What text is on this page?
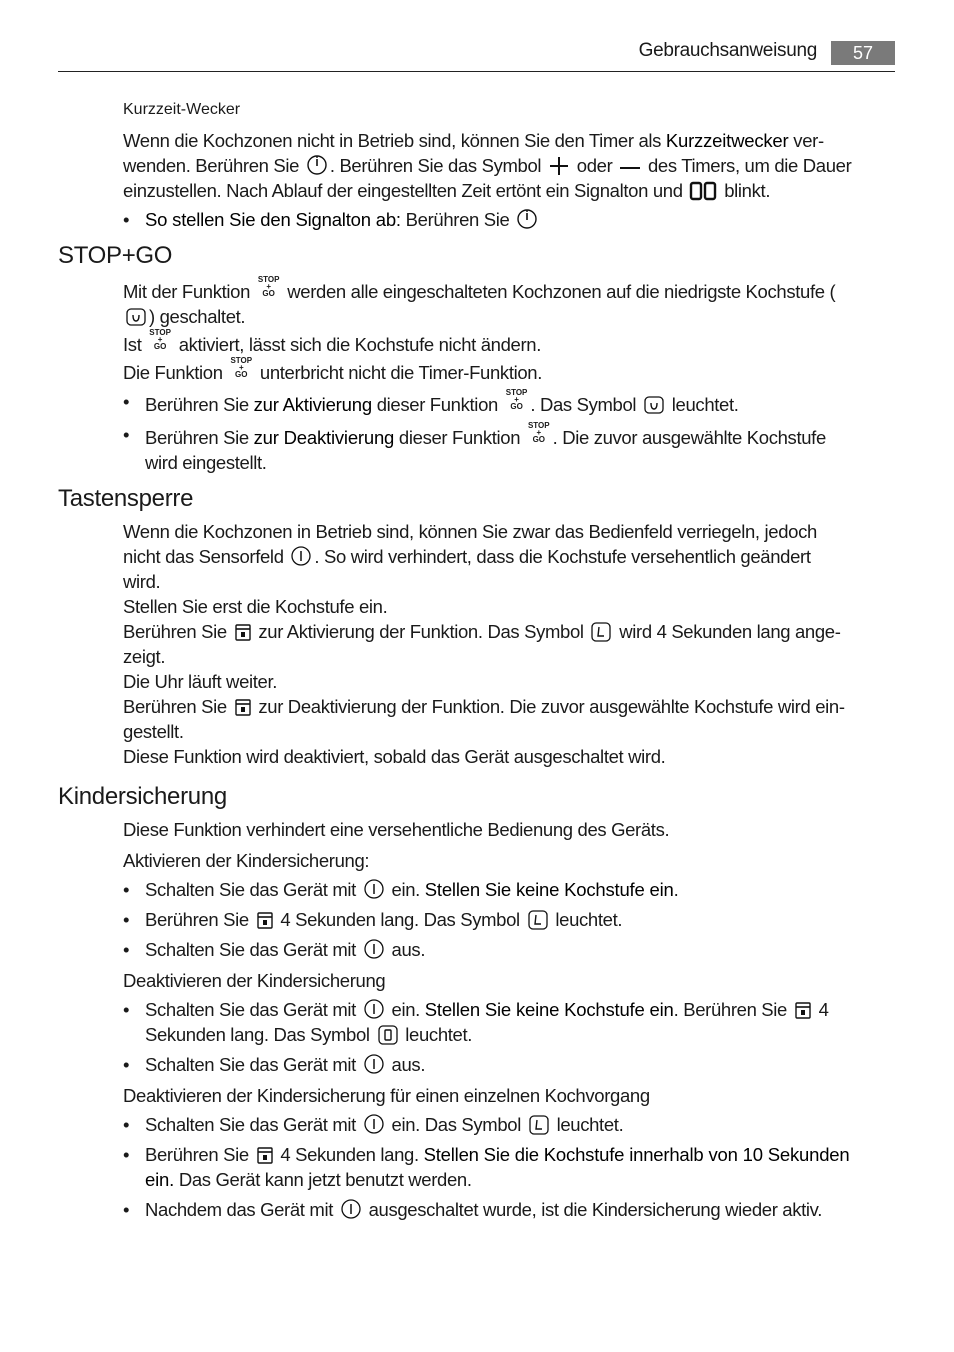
Gebrauchsanweisung	57
Kurzzeit-Wecker
Wenn die Kochzonen nicht in Betrieb sind, können Sie den Timer als Kurzzeitwecker ver-
wenden. Berühren Sie
. Berühren Sie das Symbol
oder
des Timers, um die Dauer
einzustellen. Nach Ablauf der eingestellten Zeit ertönt ein Signalton und
blinkt.
• So stellen Sie den Signalton ab: Berühren Sie
STOP+GO
Mit der Funktion STOP
+
GO werden alle eingeschalteten Kochzonen auf die niedrigste Kochstufe (

) geschaltet.
Ist STOP
+
GO aktiviert, lässt sich die Kochstufe nicht ändern.
Die Funktion STOP
+
GO unterbricht nicht die Timer-Funktion.
• Berühren Sie zur Aktivierung dieser Funktion STOP
+
GO . Das Symbol
leuchtet.
• Berühren Sie zur Deaktivierung dieser Funktion STOP
+
GO . Die zuvor ausgewählte Kochstufe
wird eingestellt.
Tastensperre
Wenn die Kochzonen in Betrieb sind, können Sie zwar das Bedienfeld verriegeln, jedoch
nicht das Sensorfeld
. So wird verhindert, dass die Kochstufe versehentlich geändert
wird.
Stellen Sie erst die Kochstufe ein.
Berühren Sie
zur Aktivierung der Funktion. Das Symbol
wird 4 Sekunden lang ange-
zeigt.
Die Uhr läuft weiter.
Berühren Sie
zur Deaktivierung der Funktion. Die zuvor ausgewählte Kochstufe wird ein-
gestellt.
Diese Funktion wird deaktiviert, sobald das Gerät ausgeschaltet wird.
Kindersicherung
Diese Funktion verhindert eine versehentliche Bedienung des Geräts.
Aktivieren der Kindersicherung:
• Schalten Sie das Gerät mit
ein. Stellen Sie keine Kochstufe ein.
• Berühren Sie
4 Sekunden lang. Das Symbol
leuchtet.
• Schalten Sie das Gerät mit
aus.
Deaktivieren der Kindersicherung
• Schalten Sie das Gerät mit
ein. Stellen Sie keine Kochstufe ein. Berühren Sie
4
Sekunden lang. Das Symbol
leuchtet.
• Schalten Sie das Gerät mit
aus.
Deaktivieren der Kindersicherung für einen einzelnen Kochvorgang
• Schalten Sie das Gerät mit
ein. Das Symbol
leuchtet.
• Berühren Sie
4 Sekunden lang. Stellen Sie die Kochstufe innerhalb von 10 Sekunden
ein. Das Gerät kann jetzt benutzt werden.
• Nachdem das Gerät mit
ausgeschaltet wurde, ist die Kindersicherung wieder aktiv.
